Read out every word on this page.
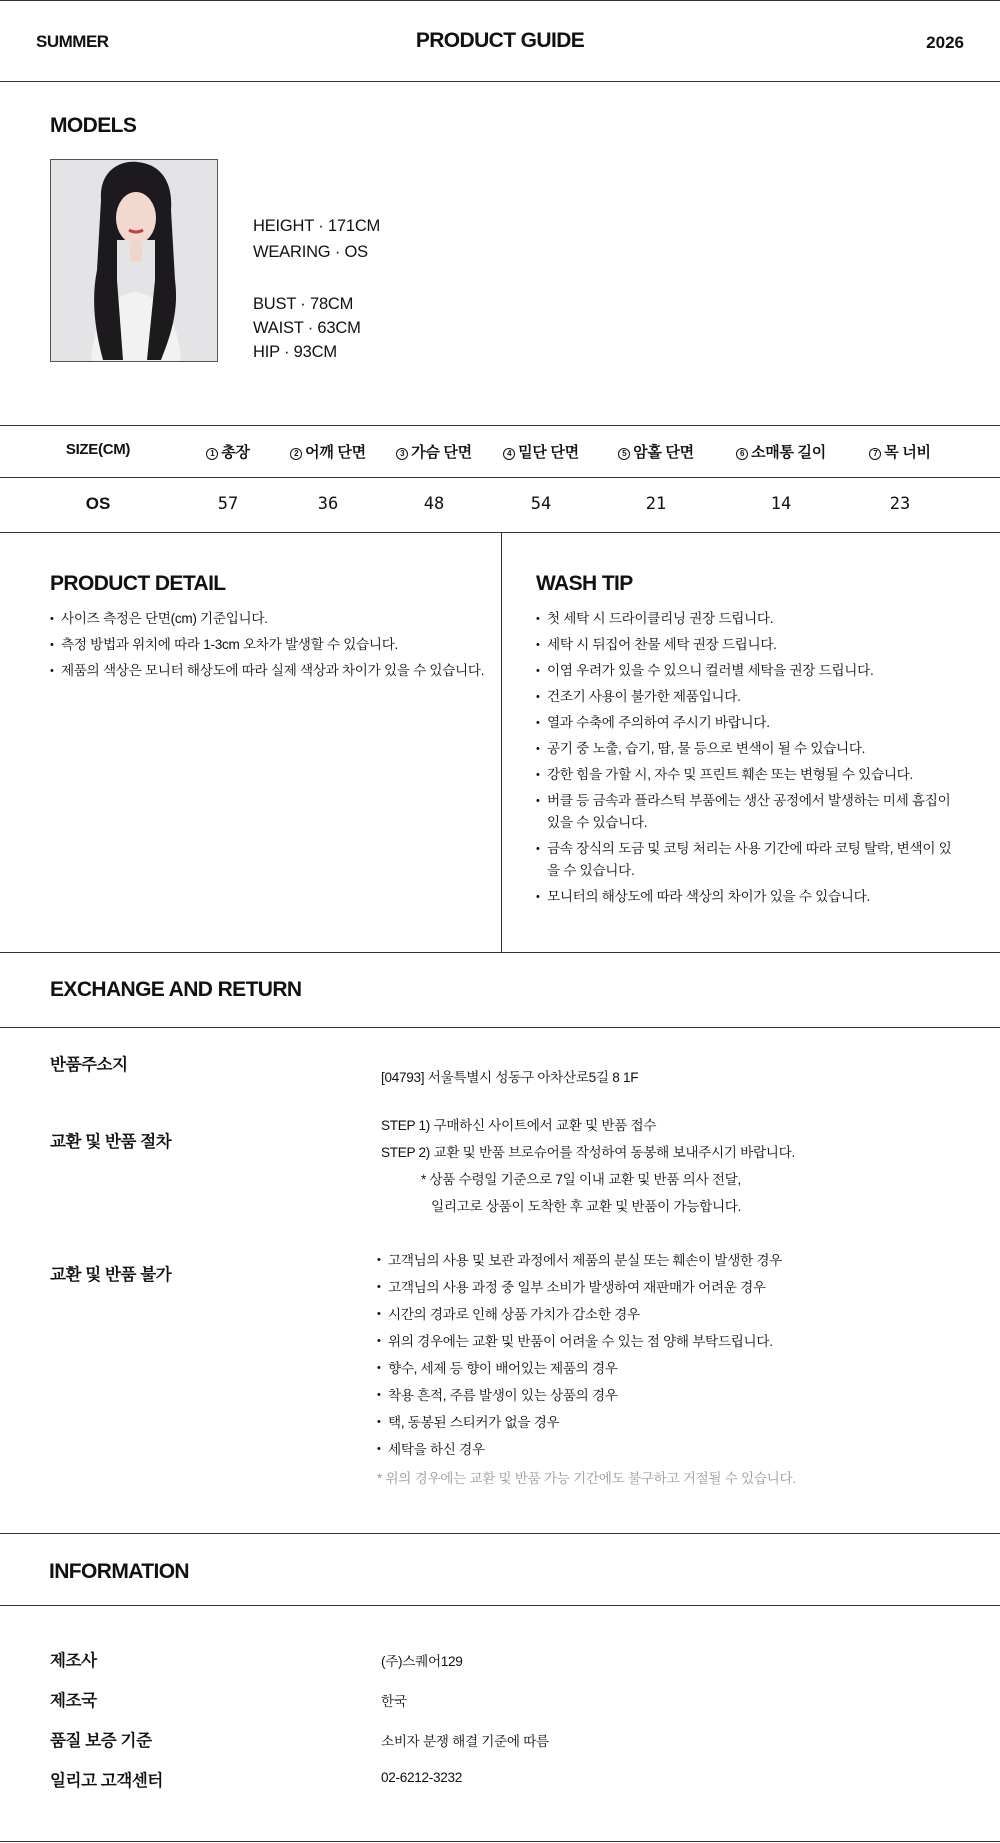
SUMMER	PRODUCT GUIDE	2026
MODELS
HEIGHT · 171CM
WEARING · OS
BUST · 78CM
WAIST · 63CM
HIP · 93CM
SIZE(CM)	1 총장	2 어깨 단면	3 가슴 단면	4 밑단 단면	5 암홀 단면	6 소매통 길이	7 목 너비
OS	57	36	48	54	21	14	23
PRODUCT DETAIL
• 사이즈 측정은 단면(cm) 기준입니다.
• 측정 방법과 위치에 따라 1-3cm 오차가 발생할 수 있습니다.
• 제품의 색상은 모니터 해상도에 따라 실제 색상과 차이가 있을 수 있습니다.
WASH TIP
• 첫 세탁 시 드라이클리닝 권장 드립니다.
• 세탁 시 뒤집어 찬물 세탁 권장 드립니다.
• 이염 우려가 있을 수 있으니 컬러별 세탁을 권장 드립니다.
• 건조기 사용이 불가한 제품입니다.
• 열과 수축에 주의하여 주시기 바랍니다.
• 공기 중 노출, 습기, 땀, 물 등으로 변색이 될 수 있습니다.
• 강한 힘을 가할 시, 자수 및 프린트 훼손 또는 변형될 수 있습니다.
• 버클 등 금속과 플라스틱 부품에는 생산 공정에서 발생하는 미세 흠집이 있을 수 있습니다.
• 금속 장식의 도금 및 코팅 처리는 사용 기간에 따라 코팅 탈락, 변색이 있을 수 있습니다.
• 모니터의 해상도에 따라 색상의 차이가 있을 수 있습니다.
EXCHANGE AND RETURN
반품주소지
[04793] 서울특별시 성동구 아차산로5길 8 1F
교환 및 반품 절차
STEP 1) 구매하신 사이트에서 교환 및 반품 접수
STEP 2) 교환 및 반품 브로슈어를 작성하여 동봉해 보내주시기 바랍니다.
* 상품 수령일 기준으로 7일 이내 교환 및 반품 의사 전달,
일리고로 상품이 도착한 후 교환 및 반품이 가능합니다.
교환 및 반품 불가
• 고객님의 사용 및 보관 과정에서 제품의 분실 또는 훼손이 발생한 경우
• 고객님의 사용 과정 중 일부 소비가 발생하여 재판매가 어려운 경우
• 시간의 경과로 인해 상품 가치가 감소한 경우
• 위의 경우에는 교환 및 반품이 어려울 수 있는 점 양해 부탁드립니다.
• 향수, 세제 등 향이 배어있는 제품의 경우
• 착용 흔적, 주름 발생이 있는 상품의 경우
• 택, 동봉된 스티커가 없을 경우
• 세탁을 하신 경우
* 위의 경우에는 교환 및 반품 가능 기간에도 불구하고 거절될 수 있습니다.
INFORMATION
제조사	(주)스퀘어129
제조국	한국
품질 보증 기준	소비자 분쟁 해결 기준에 따름
일리고 고객센터	02-6212-3232
